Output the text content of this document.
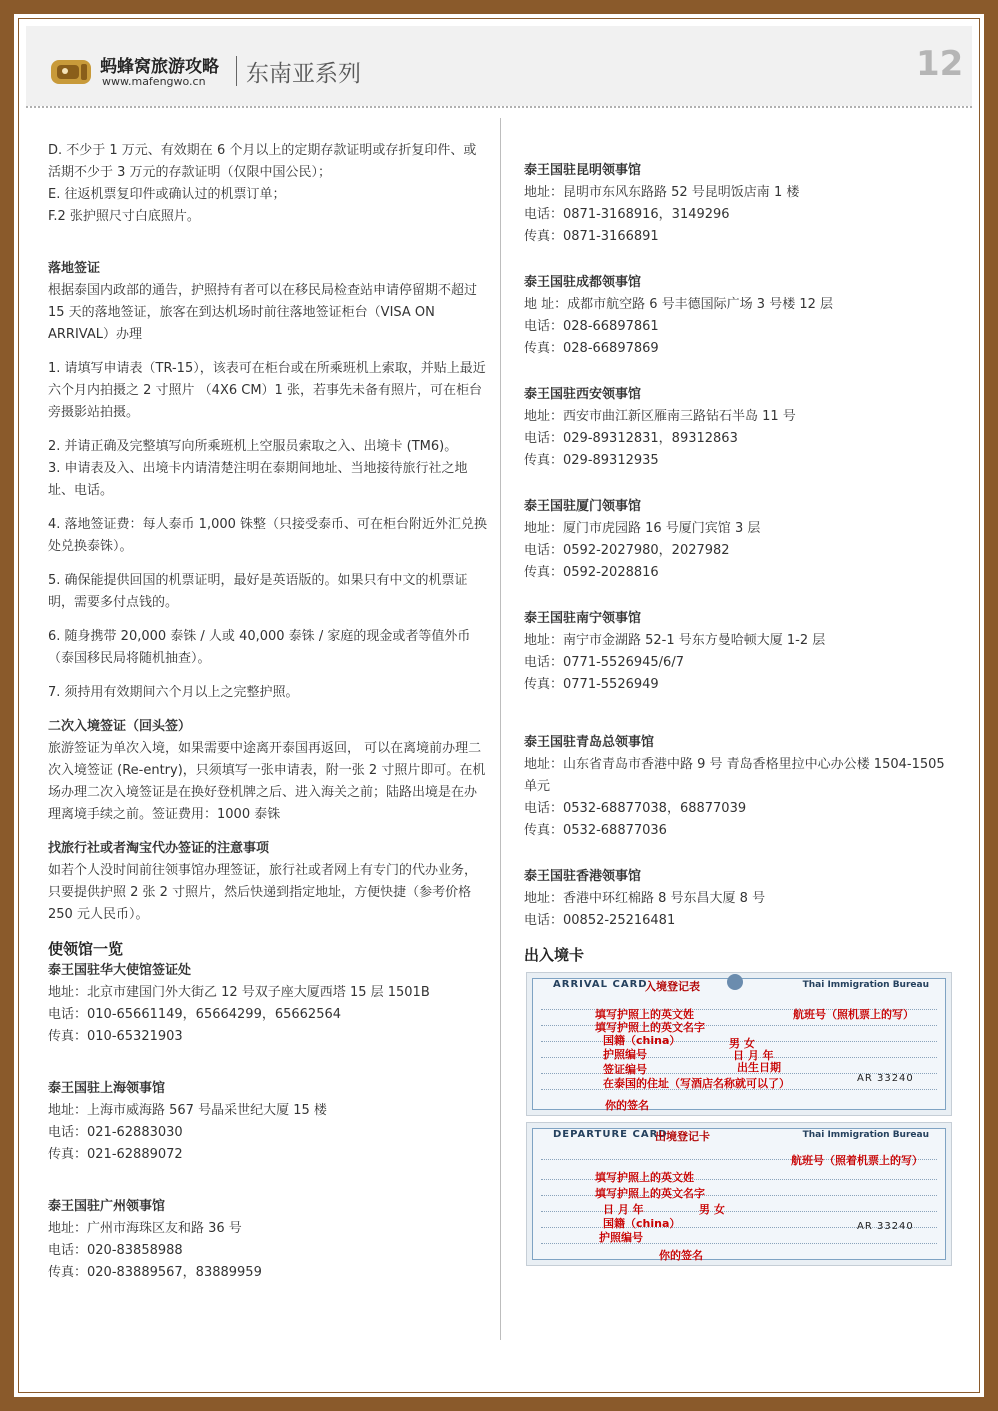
蚂蜂窝旅游攻略
www.mafengwo.cn 东南亚系列	12

D. 不少于 1 万元、有效期在 6 个月以上的定期存款证明或存折复印件、或活期不少于 3 万元的存款证明（仅限中国公民）；

E. 往返机票复印件或确认过的机票订单；

F.2 张护照尺寸白底照片。

落地签证

根据泰国内政部的通告，护照持有者可以在移民局检查站申请停留期不超过 15 天的落地签证，旅客在到达机场时前往落地签证柜台（VISA ON ARRIVAL）办理

1. 请填写申请表（TR-15），该表可在柜台或在所乘班机上索取，并贴上最近六个月内拍摄之 2 寸照片 （4X6 CM）1 张，若事先未备有照片，可在柜台旁摄影站拍摄。

2. 并请正确及完整填写向所乘班机上空服员索取之入、出境卡 (TM6)。

3. 申请表及入、出境卡内请清楚注明在泰期间地址、当地接待旅行社之地址、电话。

4. 落地签证费：每人泰币 1,000 铢整（只接受泰币、可在柜台附近外汇兑换处兑换泰铢）。

5. 确保能提供回国的机票证明，最好是英语版的。如果只有中文的机票证明，需要多付点钱的。

6. 随身携带 20,000 泰铢 / 人或 40,000 泰铢 / 家庭的现金或者等值外币（泰国移民局将随机抽查）。

7. 须持用有效期间六个月以上之完整护照。

二次入境签证（回头签）

旅游签证为单次入境，如果需要中途离开泰国再返回， 可以在离境前办理二次入境签证 (Re-entry)，只须填写一张申请表，附一张 2 寸照片即可。在机场办理二次入境签证是在换好登机牌之后、进入海关之前；陆路出境是在办理离境手续之前。签证费用：1000 泰铢

找旅行社或者淘宝代办签证的注意事项

如若个人没时间前往领事馆办理签证，旅行社或者网上有专门的代办业务，只要提供护照 2 张 2 寸照片，然后快递到指定地址，方便快捷（参考价格 250 元人民币）。

使领馆一览

泰王国驻华大使馆签证处

地址：北京市建国门外大街乙 12 号双子座大厦西塔 15 层 1501B

电话：010-65661149，65664299，65662564

传真：010-65321903

泰王国驻上海领事馆

地址：上海市威海路 567 号晶采世纪大厦 15 楼

电话：021-62883030

传真：021-62889072

泰王国驻广州领事馆

地址：广州市海珠区友和路 36 号

电话：020-83858988

传真：020-83889567，83889959

泰王国驻昆明领事馆

地址：昆明市东风东路路 52 号昆明饭店南 1 楼

电话：0871-3168916，3149296

传真：0871-3166891

泰王国驻成都领事馆

地 址：成都市航空路 6 号丰德国际广场 3 号楼 12 层

电话：028-66897861

传真：028-66897869

泰王国驻西安领事馆

地址：西安市曲江新区雁南三路钻石半岛 11 号

电话：029-89312831，89312863

传真：029-89312935

泰王国驻厦门领事馆

地址：厦门市虎园路 16 号厦门宾馆 3 层

电话：0592-2027980，2027982

传真：0592-2028816

泰王国驻南宁领事馆

地址：南宁市金湖路 52-1 号东方曼哈顿大厦 1-2 层

电话：0771-5526945/6/7

传真：0771-5526949

泰王国驻青岛总领事馆

地址：山东省青岛市香港中路 9 号 青岛香格里拉中心办公楼 1504-1505 单元

电话：0532-68877038，68877039

传真：0532-68877036

泰王国驻香港领事馆

地址：香港中环红棉路 8 号东昌大厦 8 号

电话：00852-25216481

出入境卡

ARRIVAL CARD
入境登记表	Thai Immigration Bureau
填写护照上的英文姓	航班号（照机票上的写）
填写护照上的英文名字
国籍（china）	男 女
护照编号	日 月 年
出生日期
签证编号
在泰国的住址（写酒店名称就可以了）
你的签名
AR 33240
DEPARTURE CARD
出境登记卡	Thai Immigration Bureau
航班号（照着机票上的写）
填写护照上的英文姓
填写护照上的英文名字
日 月 年	男 女
国籍（china）
护照编号
你的签名
AR 33240
